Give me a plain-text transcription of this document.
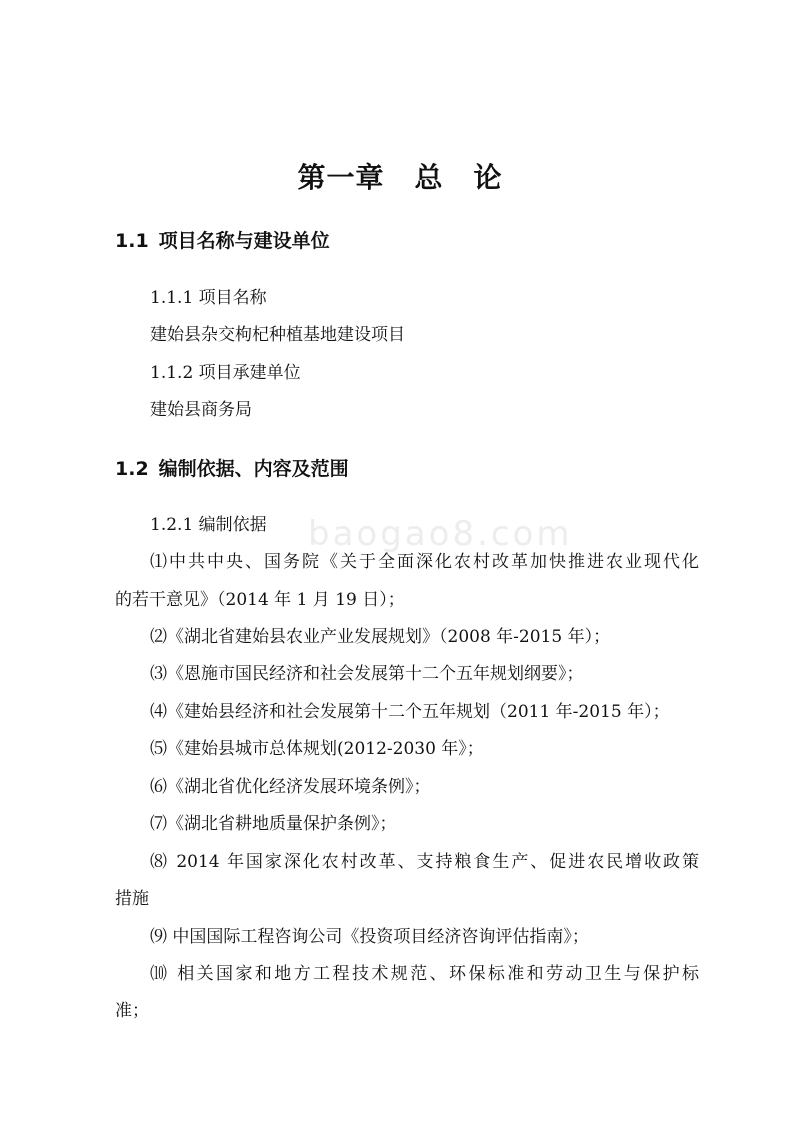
baogao8.com
第一章 总 论
1.1 项目名称与建设单位
1.1.1 项目名称
建始县杂交枸杞种植基地建设项目
1.1.2 项目承建单位
建始县商务局
1.2 编制依据、内容及范围
1.2.1 编制依据
⑴中共中央、国务院《关于全面深化农村改革加快推进农业现代化
的若干意见》（2014 年 1 月 19 日）；
⑵《湖北省建始县农业产业发展规划》（2008 年-2015 年）；
⑶《恩施市国民经济和社会发展第十二个五年规划纲要》；
⑷《建始县经济和社会发展第十二个五年规划（2011 年-2015 年）；
⑸《建始县城市总体规划(2012-2030 年》；
⑹《湖北省优化经济发展环境条例》；
⑺《湖北省耕地质量保护条例》；
⑻ 2014 年国家深化农村改革、支持粮食生产、促进农民增收政策
措施
⑼ 中国国际工程咨询公司《投资项目经济咨询评估指南》；
⑽ 相关国家和地方工程技术规范、环保标准和劳动卫生与保护标
准；
